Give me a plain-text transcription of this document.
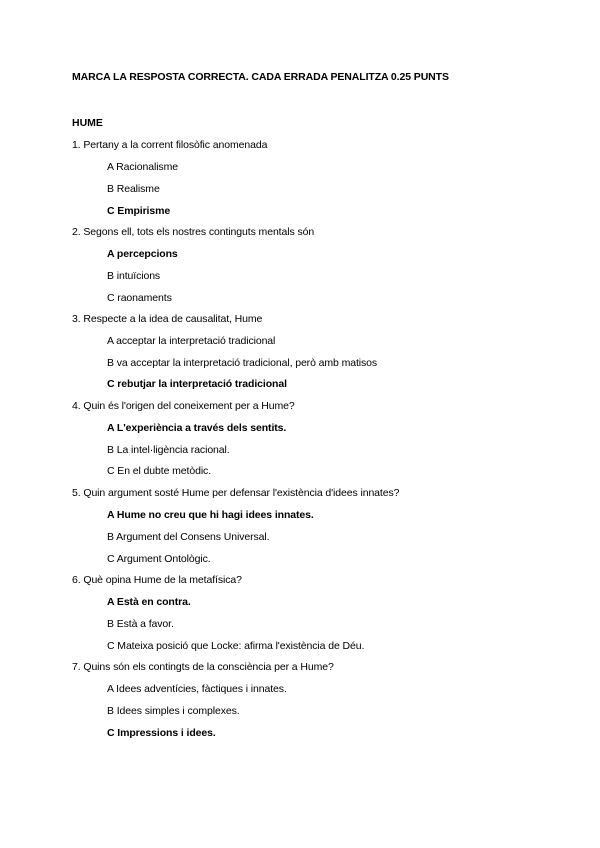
MARCA LA RESPOSTA CORRECTA. CADA ERRADA PENALITZA 0.25 PUNTS
HUME
1. Pertany a la corrent filosòfic anomenada
A Racionalisme
B Realisme
C Empirisme
2. Segons ell, tots els nostres continguts mentals són
A percepcions
B intuïcions
C raonaments
3. Respecte a la idea de causalitat, Hume
A acceptar la interpretació tradicional
B va acceptar la interpretació tradicional, però amb matisos
C rebutjar la interpretació tradicional
4. Quin és l'origen del coneixement per a Hume?
A L'experiència a través dels sentits.
B La intel·ligència racional.
C En el dubte metòdic.
5. Quin argument sosté Hume per defensar l'existència d'idees innates?
A Hume no creu que hi hagi idees innates.
B Argument del Consens Universal.
C Argument Ontològic.
6. Què opina Hume de la metafísica?
A Està en contra.
B Està a favor.
C Mateixa posició que Locke: afirma l'existència de Déu.
7. Quins són els contingts de la consciència per a Hume?
A Idees adventícies, fàctiques i innates.
B Idees simples i complexes.
C Impressions i idees.
